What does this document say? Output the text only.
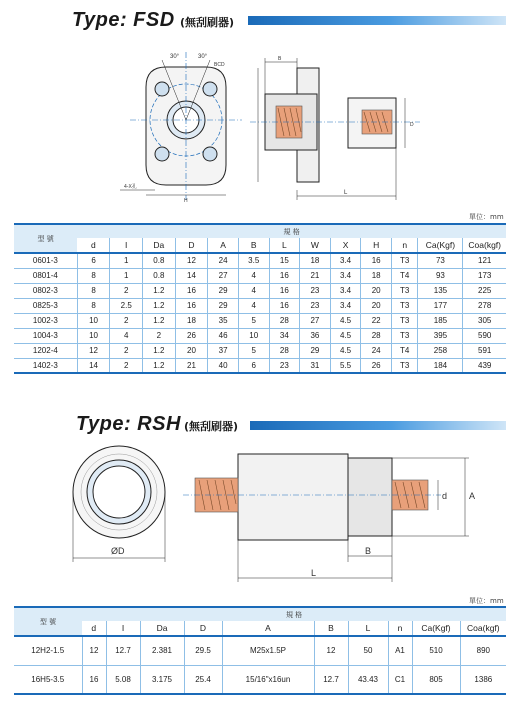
Type: FSD (無刮刷器)
30°	30°
BCD
4-X孔
H
B
L
D
單位：mm
型 號	規 格												
	d	I	Da	D	A	B	L	W	X	H	n	Ca(Kgf)	Coa(kgf)
0601-3	6	1	0.8	12	24	3.5	15	18	3.4	16	T3	73	121
0801-4	8	1	0.8	14	27	4	16	21	3.4	18	T4	93	173
0802-3	8	2	1.2	16	29	4	16	23	3.4	20	T3	135	225
0825-3	8	2.5	1.2	16	29	4	16	23	3.4	20	T3	177	278
1002-3	10	2	1.2	18	35	5	28	27	4.5	22	T3	185	305
1004-3	10	4	2	26	46	10	34	36	4.5	28	T3	395	590
1202-4	12	2	1.2	20	37	5	28	29	4.5	24	T4	258	591
1402-3	14	2	1.2	21	40	6	23	31	5.5	26	T3	184	439
Type: RSH (無刮刷器)
ØD	B
L
d A
單位：mm
型 號	規 格									
	d	I	Da	D	A	B	L	n	Ca(Kgf)	Coa(kgf)
12H2-1.5	12	12.7	2.381	29.5	M25x1.5P	12	50	A1	510	890
16H5-3.5	16	5.08	3.175	25.4	15/16"x16un	12.7	43.43	C1	805	1386
